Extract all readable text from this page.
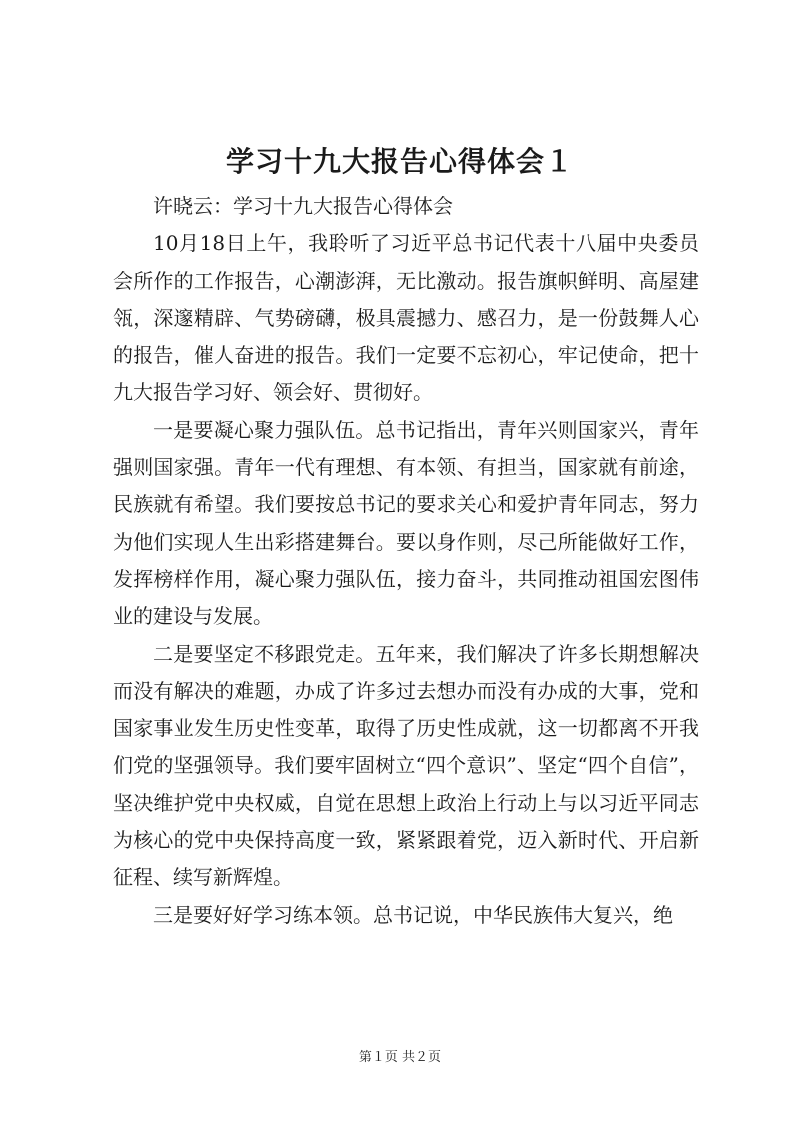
学习十九大报告心得体会１

许晓云：学习十九大报告心得体会

10月18日上午，我聆听了习近平总书记代表十八届中央委员会所作的工作报告，心潮澎湃，无比激动。报告旗帜鲜明、高屋建瓴，深邃精辟、气势磅礴，极具震撼力、感召力，是一份鼓舞人心的报告，催人奋进的报告。我们一定要不忘初心，牢记使命，把十九大报告学习好、领会好、贯彻好。

一是要凝心聚力强队伍。总书记指出，青年兴则国家兴，青年强则国家强。青年一代有理想、有本领、有担当，国家就有前途，民族就有希望。我们要按总书记的要求关心和爱护青年同志，努力为他们实现人生出彩搭建舞台。要以身作则，尽己所能做好工作，发挥榜样作用，凝心聚力强队伍，接力奋斗，共同推动祖国宏图伟业的建设与发展。

二是要坚定不移跟党走。五年来，我们解决了许多长期想解决而没有解决的难题，办成了许多过去想办而没有办成的大事，党和国家事业发生历史性变革，取得了历史性成就，这一切都离不开我们党的坚强领导。我们要牢固树立“四个意识”、坚定“四个自信”，坚决维护党中央权威，自觉在思想上政治上行动上与以习近平同志为核心的党中央保持高度一致，紧紧跟着党，迈入新时代、开启新征程、续写新辉煌。

三是要好好学习练本领。总书记说，中华民族伟大复兴，绝

第１页 共２页
